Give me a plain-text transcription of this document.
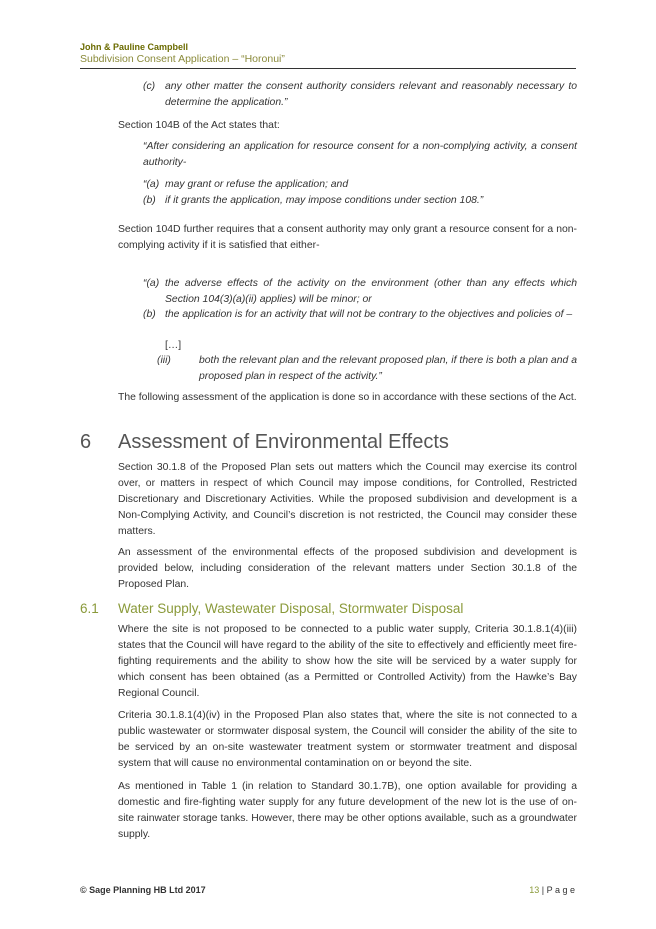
John & Pauline Campbell
Subdivision Consent Application – “Horonui”
(c) any other matter the consent authority considers relevant and reasonably necessary to determine the application.”

Section 104B of the Act states that:

“After considering an application for resource consent for a non-complying activity, a consent authority-

“(a) may grant or refuse the application; and

(b) if it grants the application, may impose conditions under section 108.”

Section 104D further requires that a consent authority may only grant a resource consent for a non-complying activity if it is satisfied that either-

“(a) the adverse effects of the activity on the environment (other than any effects which Section 104(3)(a)(ii) applies) will be minor; or

(b) the application is for an activity that will not be contrary to the objectives and policies of –

[…]
(iii)	both the relevant plan and the relevant proposed plan, if there is both a plan and a proposed plan in respect of the activity.”

The following assessment of the application is done so in accordance with these sections of the Act.

6 Assessment of Environmental Effects

Section 30.1.8 of the Proposed Plan sets out matters which the Council may exercise its control over, or matters in respect of which Council may impose conditions, for Controlled, Restricted Discretionary and Discretionary Activities. While the proposed subdivision and development is a Non-Complying Activity, and Council’s discretion is not restricted, the Council may consider these matters.

An assessment of the environmental effects of the proposed subdivision and development is provided below, including consideration of the relevant matters under Section 30.1.8 of the Proposed Plan.

6.1 Water Supply, Wastewater Disposal, Stormwater Disposal

Where the site is not proposed to be connected to a public water supply, Criteria 30.1.8.1(4)(iii) states that the Council will have regard to the ability of the site to effectively and efficiently meet fire-fighting requirements and the ability to show how the site will be serviced by a water supply for which consent has been obtained (as a Permitted or Controlled Activity) from the Hawke’s Bay Regional Council.

Criteria 30.1.8.1(4)(iv) in the Proposed Plan also states that, where the site is not connected to a public wastewater or stormwater disposal system, the Council will consider the ability of the site to be serviced by an on-site wastewater treatment system or stormwater treatment and disposal system that will cause no environmental contamination on or beyond the site.

As mentioned in Table 1 (in relation to Standard 30.1.7B), one option available for providing a domestic and fire-fighting water supply for any future development of the new lot is the use of on-site rainwater storage tanks. However, there may be other options available, such as a groundwater supply.

© Sage Planning HB Ltd 2017	13 | P a g e
